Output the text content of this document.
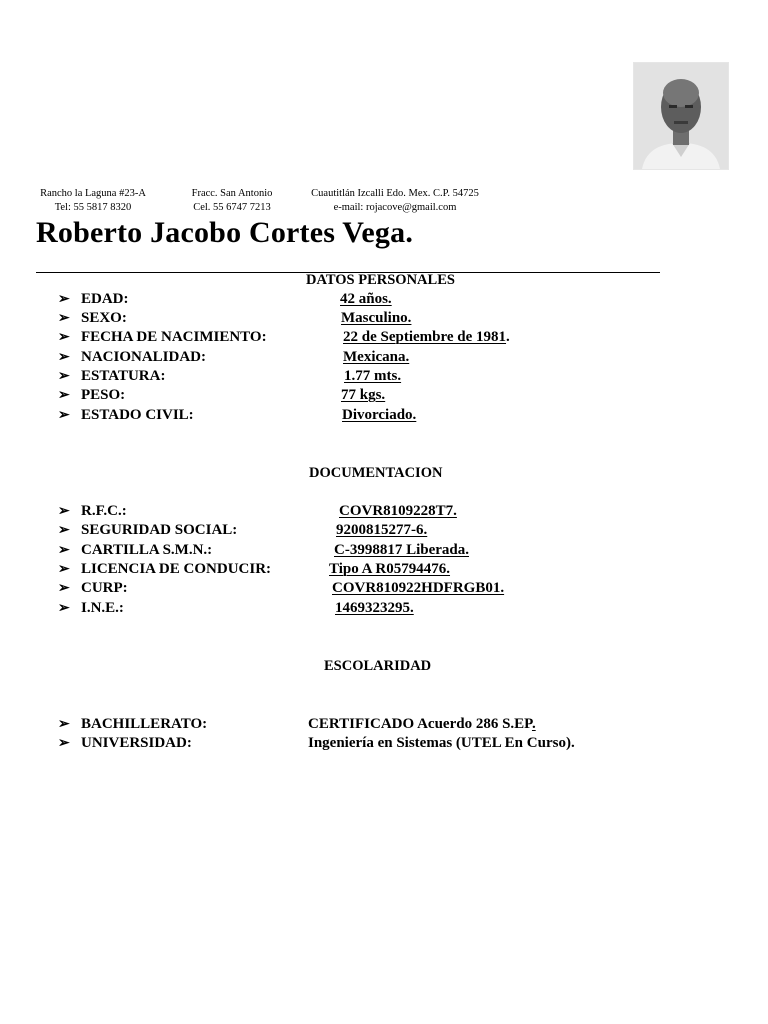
Rancho la Laguna #23-A
Tel: 55 5817 8320
Fracc. San Antonio
Cel. 55 6747 7213
Cuautitlán Izcalli Edo. Mex. C.P. 54725
e-mail: rojacove@gmail.com
Roberto Jacobo Cortes Vega.
DATOS PERSONALES
➢ EDAD:	42 años.
➢ SEXO:	Masculino.
➢ FECHA DE NACIMIENTO:	22 de Septiembre de 1981.
➢ NACIONALIDAD:	Mexicana.
➢ ESTATURA:	1.77 mts.
➢ PESO:	77 kgs.
➢ ESTADO CIVIL:	Divorciado.
DOCUMENTACION
➢ R.F.C.:	COVR8109228T7.
➢ SEGURIDAD SOCIAL:	9200815277-6.
➢ CARTILLA S.M.N.:	C-3998817 Liberada.
➢ LICENCIA DE CONDUCIR:	Tipo A R05794476.
➢ CURP:	COVR810922HDFRGB01.
➢ I.N.E.:	1469323295.
ESCOLARIDAD
➢ BACHILLERATO:	CERTIFICADO Acuerdo 286 S.EP.
➢ UNIVERSIDAD:	Ingeniería en Sistemas (UTEL En Curso).
